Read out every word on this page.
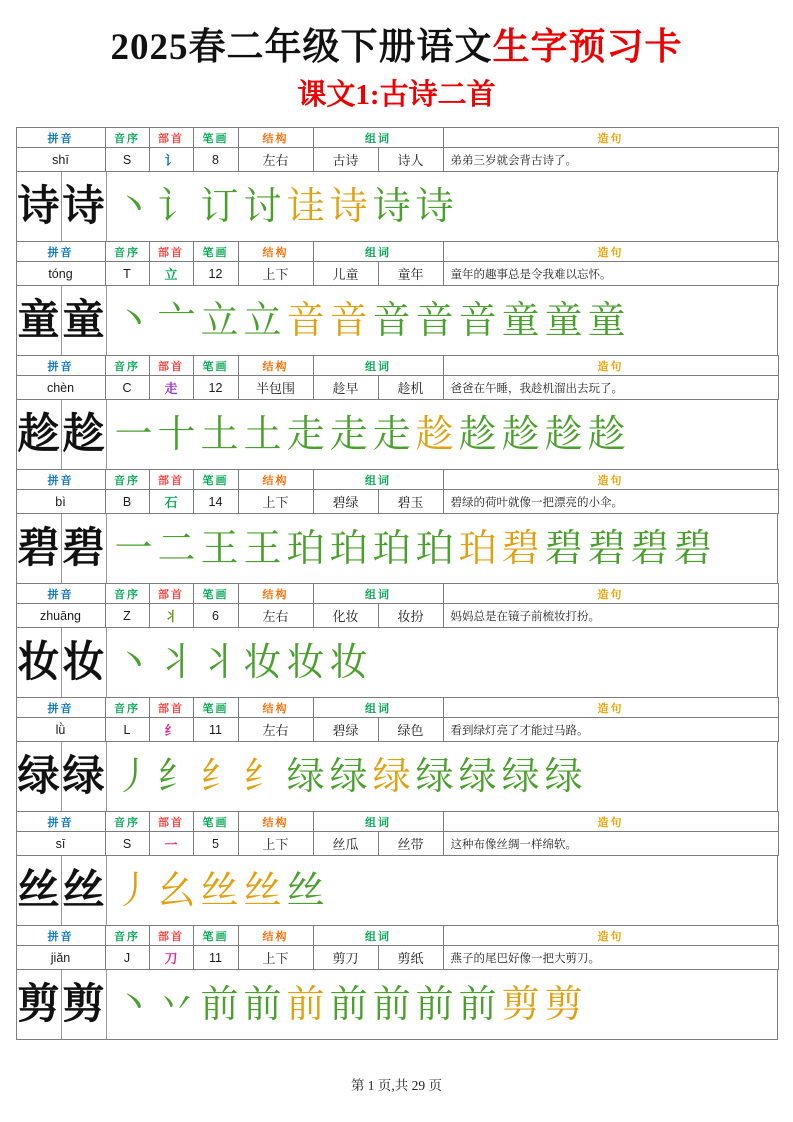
2025春二年级下册语文生字预习卡
课文1:古诗二首
拼音	音序	部首	笔画	结构	组词	造句
shī	S	讠	8	左右	古诗	诗人	弟弟三岁就会背古诗了。
诗 诗 丶 讠 订 讨 诖 诗 诗 诗
拼音	音序	部首	笔画	结构	组词	造句
tóng	T	立	12	上下	儿童	童年	童年的趣事总是令我难以忘怀。
童 童 丶 亠 立 立 音 音 音 音 音 童 童 童
拼音	音序	部首	笔画	结构	组词	造句
chèn	C	走	12	半包围	趁早	趁机	爸爸在午睡，我趁机溜出去玩了。
趁 趁 一 十 土 土 走 走 走 趁 趁 趁 趁 趁
拼音	音序	部首	笔画	结构	组词	造句
bì	B	石	14	上下	碧绿	碧玉	碧绿的荷叶就像一把漂亮的小伞。
碧 碧 一 二 王 王 珀 珀 珀 珀 珀 碧 碧 碧 碧 碧
拼音	音序	部首	笔画	结构	组词	造句
zhuāng	Z	丬	6	左右	化妆	妆扮	妈妈总是在镜子前梳妆打扮。
妆 妆 丶 丬 丬 妆 妆 妆
拼音	音序	部首	笔画	结构	组词	造句
lǜ	L	纟	11	左右	碧绿	绿色	看到绿灯亮了才能过马路。
绿 绿 丿 纟 纟 纟 绿 绿 绿 绿 绿 绿 绿
拼音	音序	部首	笔画	结构	组词	造句
sī	S	一	5	上下	丝瓜	丝带	这种布像丝绸一样绵软。
丝 丝 丿 幺 丝 丝 丝
拼音	音序	部首	笔画	结构	组词	造句
jiǎn	J	刀	11	上下	剪刀	剪纸	燕子的尾巴好像一把大剪刀。
剪 剪 丶 丷 前 前 前 前 前 前 前 剪 剪
第 1 页,共 29 页
